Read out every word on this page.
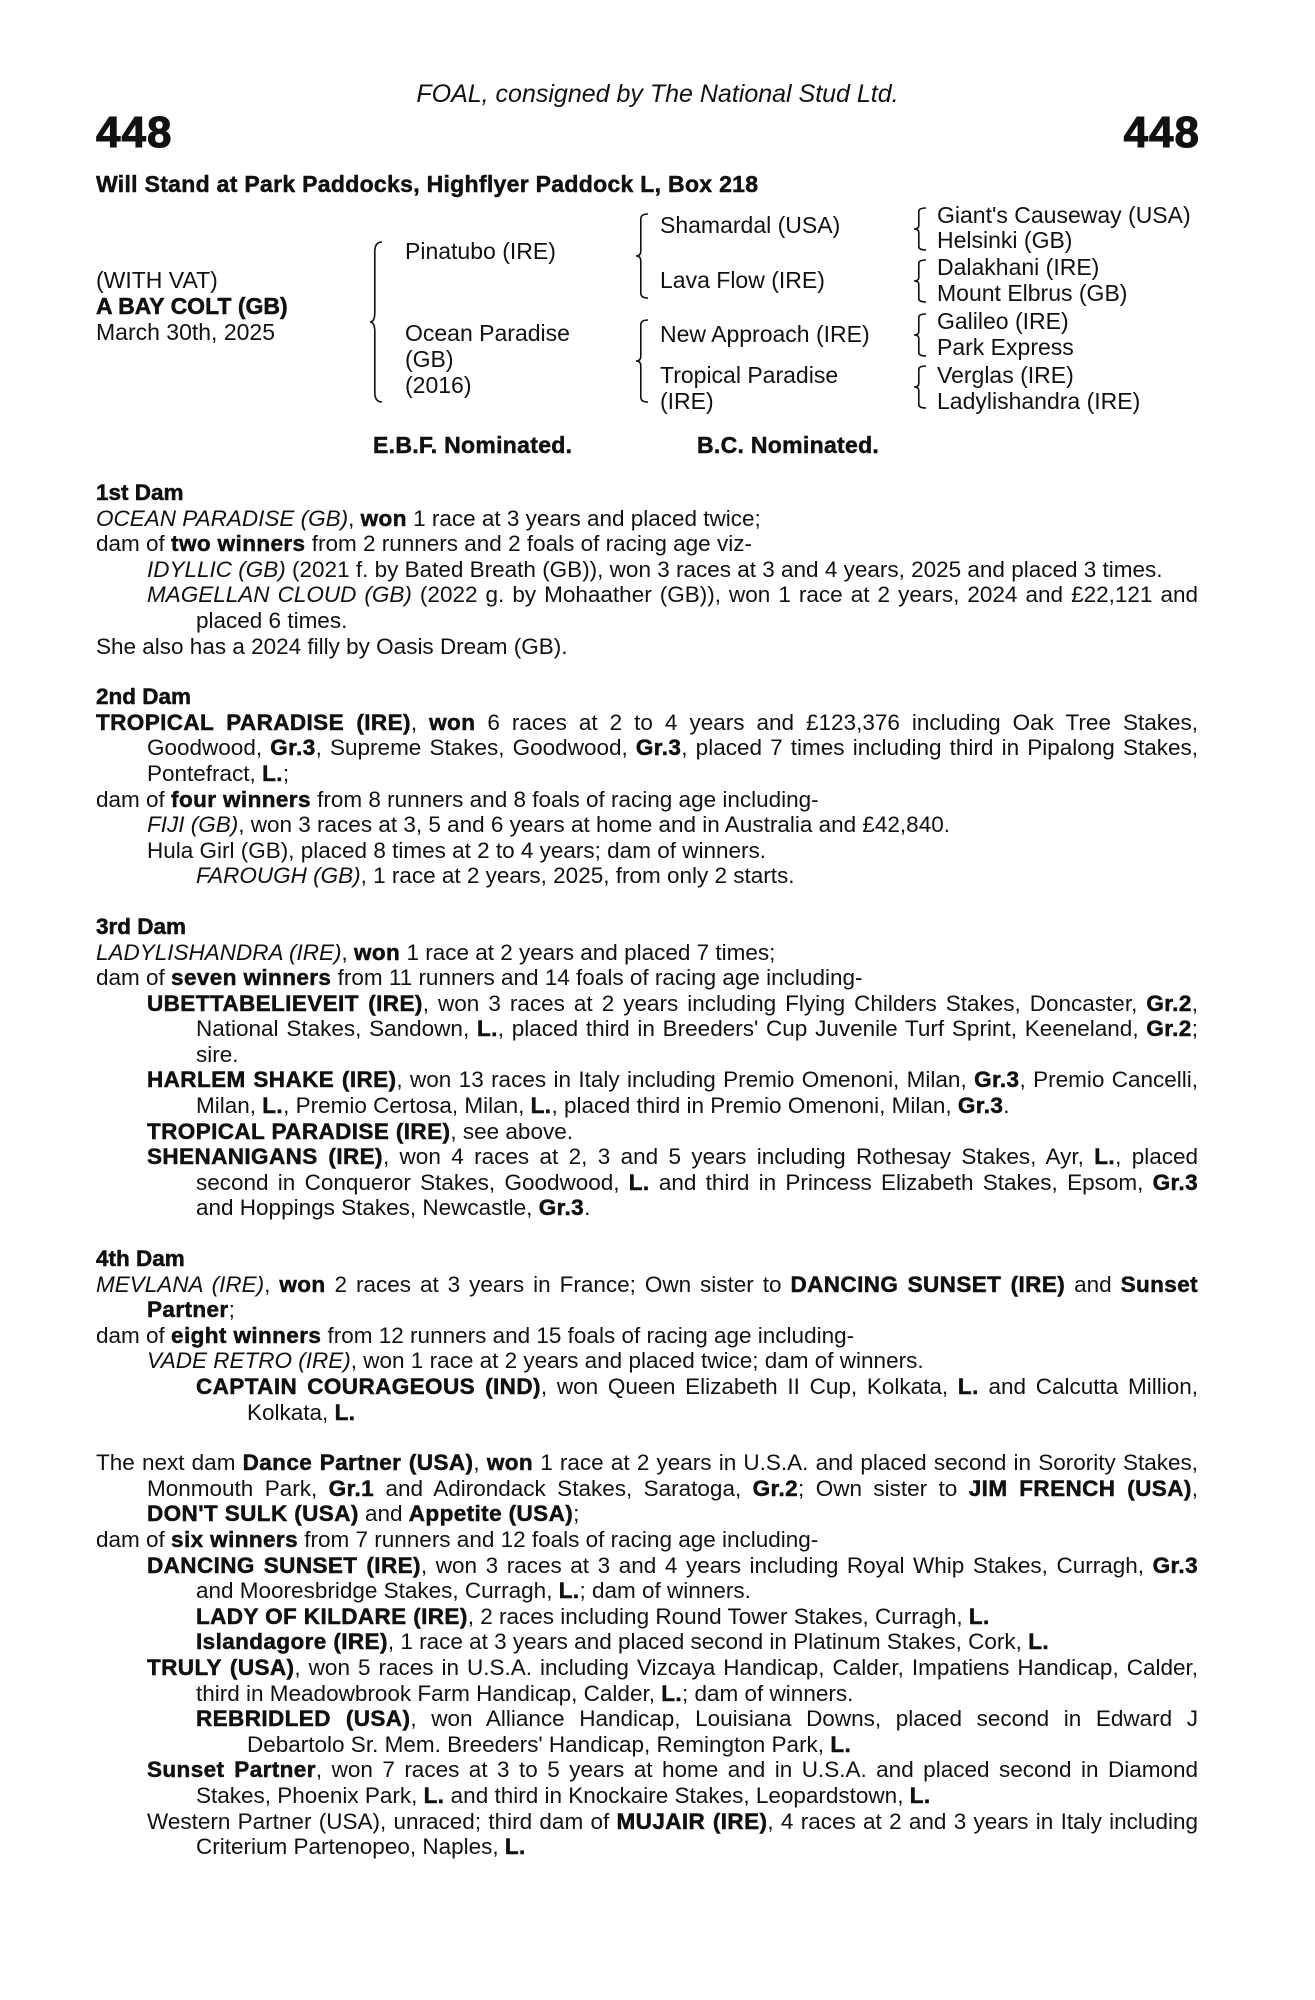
FOAL, consigned by The National Stud Ltd.
448	448
Will Stand at Park Paddocks, Highflyer Paddock L, Box 218
(WITH VAT)
A BAY COLT (GB)
March 30th, 2025
Pinatubo (IRE)
Ocean Paradise
(GB)
(2016)
Shamardal (USA)
Lava Flow (IRE)
New Approach (IRE)
Tropical Paradise
(IRE)
Giant's Causeway (USA)
Helsinki (GB)
Dalakhani (IRE)
Mount Elbrus (GB)
Galileo (IRE)
Park Express
Verglas (IRE)
Ladylishandra (IRE)
E.B.F. Nominated.	B.C. Nominated.
1st Dam
OCEAN PARADISE (GB), won 1 race at 3 years and placed twice;
dam of two winners from 2 runners and 2 foals of racing age viz-
IDYLLIC (GB) (2021 f. by Bated Breath (GB)), won 3 races at 3 and 4 years, 2025 and placed 3 times.
MAGELLAN CLOUD (GB) (2022 g. by Mohaather (GB)), won 1 race at 2 years, 2024 and £22,121 and placed 6 times.
She also has a 2024 filly by Oasis Dream (GB).
2nd Dam
TROPICAL PARADISE (IRE), won 6 races at 2 to 4 years and £123,376 including Oak Tree Stakes, Goodwood, Gr.3, Supreme Stakes, Goodwood, Gr.3, placed 7 times including third in Pipalong Stakes, Pontefract, L.;
dam of four winners from 8 runners and 8 foals of racing age including-
FIJI (GB), won 3 races at 3, 5 and 6 years at home and in Australia and £42,840.
Hula Girl (GB), placed 8 times at 2 to 4 years; dam of winners.
FAROUGH (GB), 1 race at 2 years, 2025, from only 2 starts.
3rd Dam
LADYLISHANDRA (IRE), won 1 race at 2 years and placed 7 times;
dam of seven winners from 11 runners and 14 foals of racing age including-
UBETTABELIEVEIT (IRE), won 3 races at 2 years including Flying Childers Stakes, Doncaster, Gr.2, National Stakes, Sandown, L., placed third in Breeders' Cup Juvenile Turf Sprint, Keeneland, Gr.2; sire.
HARLEM SHAKE (IRE), won 13 races in Italy including Premio Omenoni, Milan, Gr.3, Premio Cancelli, Milan, L., Premio Certosa, Milan, L., placed third in Premio Omenoni, Milan, Gr.3.
TROPICAL PARADISE (IRE), see above.
SHENANIGANS (IRE), won 4 races at 2, 3 and 5 years including Rothesay Stakes, Ayr, L., placed second in Conqueror Stakes, Goodwood, L. and third in Princess Elizabeth Stakes, Epsom, Gr.3 and Hoppings Stakes, Newcastle, Gr.3.
4th Dam
MEVLANA (IRE), won 2 races at 3 years in France; Own sister to DANCING SUNSET (IRE) and Sunset Partner;
dam of eight winners from 12 runners and 15 foals of racing age including-
VADE RETRO (IRE), won 1 race at 2 years and placed twice; dam of winners.
CAPTAIN COURAGEOUS (IND), won Queen Elizabeth II Cup, Kolkata, L. and Calcutta Million, Kolkata, L.
The next dam Dance Partner (USA), won 1 race at 2 years in U.S.A. and placed second in Sorority Stakes, Monmouth Park, Gr.1 and Adirondack Stakes, Saratoga, Gr.2; Own sister to JIM FRENCH (USA), DON'T SULK (USA) and Appetite (USA);
dam of six winners from 7 runners and 12 foals of racing age including-
DANCING SUNSET (IRE), won 3 races at 3 and 4 years including Royal Whip Stakes, Curragh, Gr.3 and Mooresbridge Stakes, Curragh, L.; dam of winners.
LADY OF KILDARE (IRE), 2 races including Round Tower Stakes, Curragh, L.
Islandagore (IRE), 1 race at 3 years and placed second in Platinum Stakes, Cork, L.
TRULY (USA), won 5 races in U.S.A. including Vizcaya Handicap, Calder, Impatiens Handicap, Calder, third in Meadowbrook Farm Handicap, Calder, L.; dam of winners.
REBRIDLED (USA), won Alliance Handicap, Louisiana Downs, placed second in Edward J Debartolo Sr. Mem. Breeders' Handicap, Remington Park, L.
Sunset Partner, won 7 races at 3 to 5 years at home and in U.S.A. and placed second in Diamond Stakes, Phoenix Park, L. and third in Knockaire Stakes, Leopardstown, L.
Western Partner (USA), unraced; third dam of MUJAIR (IRE), 4 races at 2 and 3 years in Italy including Criterium Partenopeo, Naples, L.
